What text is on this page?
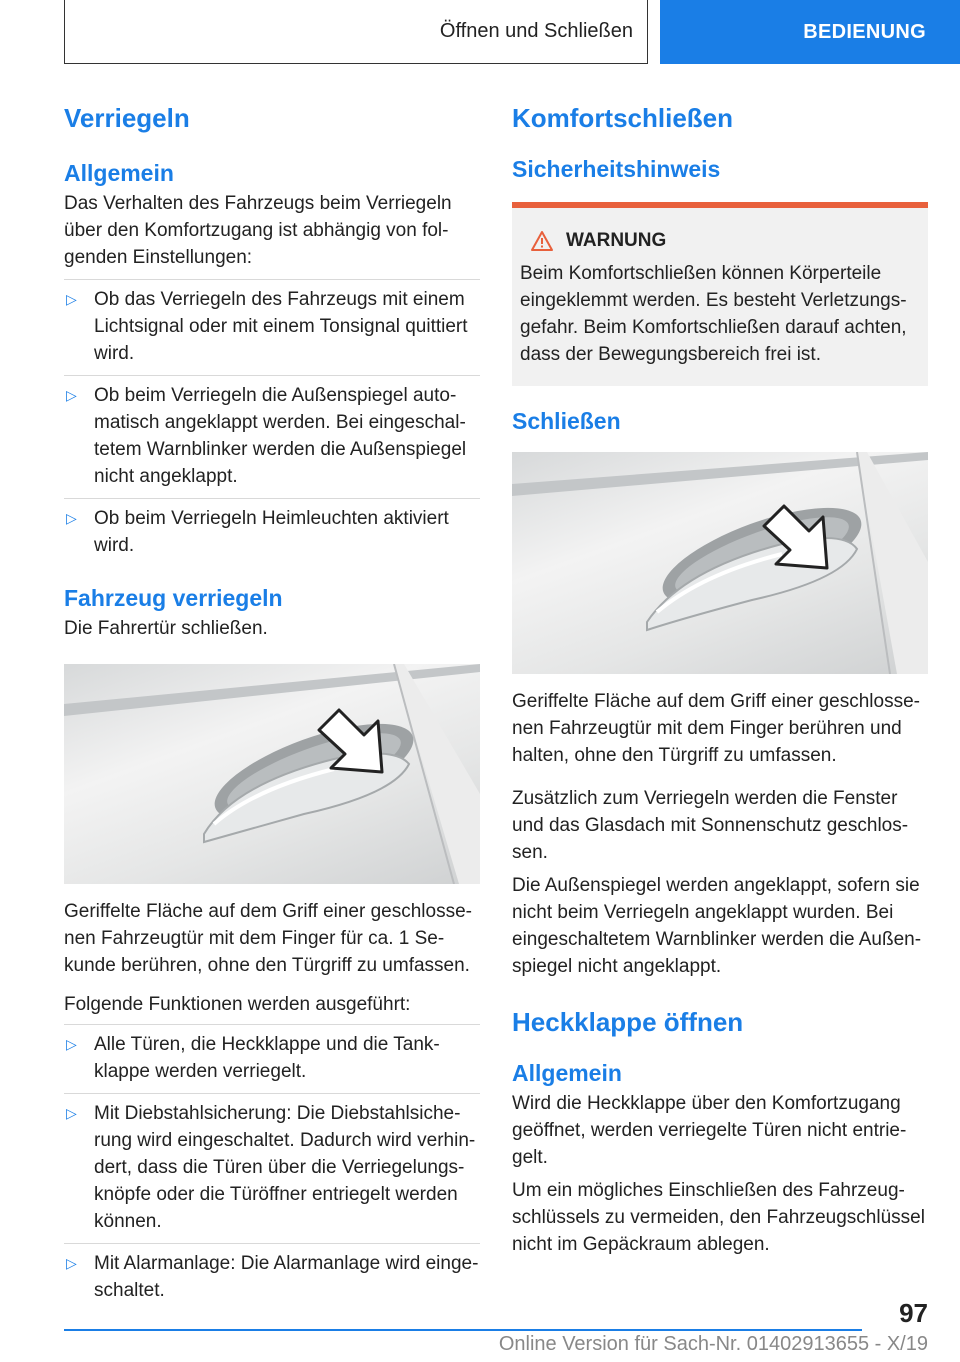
Öffnen und Schließen	BEDIENUNG
Verriegeln
Allgemein

Das Verhalten des Fahrzeugs beim Verriegeln über den Komfortzugang ist abhängig von fol-genden Einstellungen:

▷ Ob das Verriegeln des Fahrzeugs mit einem Lichtsignal oder mit einem Tonsignal quittiert wird.
▷ Ob beim Verriegeln die Außenspiegel auto-matisch angeklappt werden. Bei eingeschal-tetem Warnblinker werden die Außenspiegel nicht angeklappt.
▷ Ob beim Verriegeln Heimleuchten aktiviert wird.
Fahrzeug verriegeln

Die Fahrertür schließen.

Geriffelte Fläche auf dem Griff einer geschlosse-nen Fahrzeugtür mit dem Finger für ca. 1 Se-kunde berühren, ohne den Türgriff zu umfassen.

Folgende Funktionen werden ausgeführt:

▷ Alle Türen, die Heckklappe und die Tank-klappe werden verriegelt.
▷ Mit Diebstahlsicherung: Die Diebstahlsiche-rung wird eingeschaltet. Dadurch wird verhin-dert, dass die Türen über die Verriegelungs-knöpfe oder die Türöffner entriegelt werden können.
▷ Mit Alarmanlage: Die Alarmanlage wird einge-schaltet.
Komfortschließen
Sicherheitshinweis
WARNUNG

Beim Komfortschließen können Körperteile eingeklemmt werden. Es besteht Verletzungs-gefahr. Beim Komfortschließen darauf achten, dass der Bewegungsbereich frei ist.

Schließen

Geriffelte Fläche auf dem Griff einer geschlosse-nen Fahrzeugtür mit dem Finger berühren und halten, ohne den Türgriff zu umfassen.

Zusätzlich zum Verriegeln werden die Fenster und das Glasdach mit Sonnenschutz geschlos-sen.

Die Außenspiegel werden angeklappt, sofern sie nicht beim Verriegeln angeklappt wurden. Bei eingeschaltetem Warnblinker werden die Außen-spiegel nicht angeklappt.

Heckklappe öffnen
Allgemein

Wird die Heckklappe über den Komfortzugang geöffnet, werden verriegelte Türen nicht entrie-gelt.

Um ein mögliches Einschließen des Fahrzeug-schlüssels zu vermeiden, den Fahrzeugschlüssel nicht im Gepäckraum ablegen.

97
Online Version für Sach-Nr. 01402913655 - X/19
